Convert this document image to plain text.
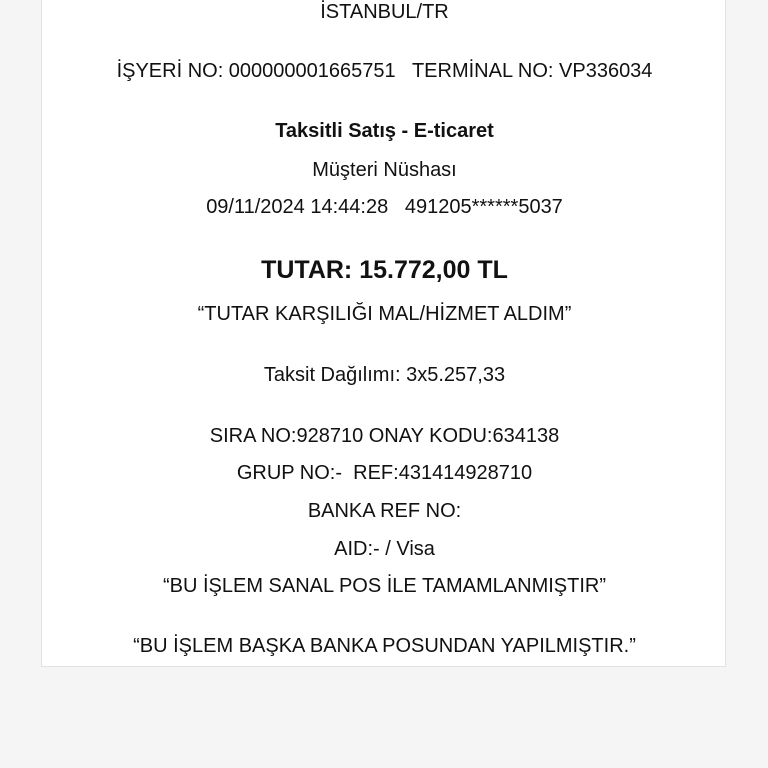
İSTANBUL/TR
İŞYERİ NO: 000000001665751   TERMİNAL NO: VP336034
Taksitli Satış - E-ticaret
Müşteri Nüshası
09/11/2024 14:44:28   491205******5037
TUTAR: 15.772,00 TL
“TUTAR KARŞILIĞI MAL/HİZMET ALDIM”
Taksit Dağılımı: 3x5.257,33
SIRA NO:928710 ONAY KODU:634138
GRUP NO:-  REF:431414928710
BANKA REF NO:
AID:- / Visa
“BU İŞLEM SANAL POS İLE TAMAMLANMIŞTIR”
“BU İŞLEM BAŞKA BANKA POSUNDAN YAPILMIŞTIR.”
